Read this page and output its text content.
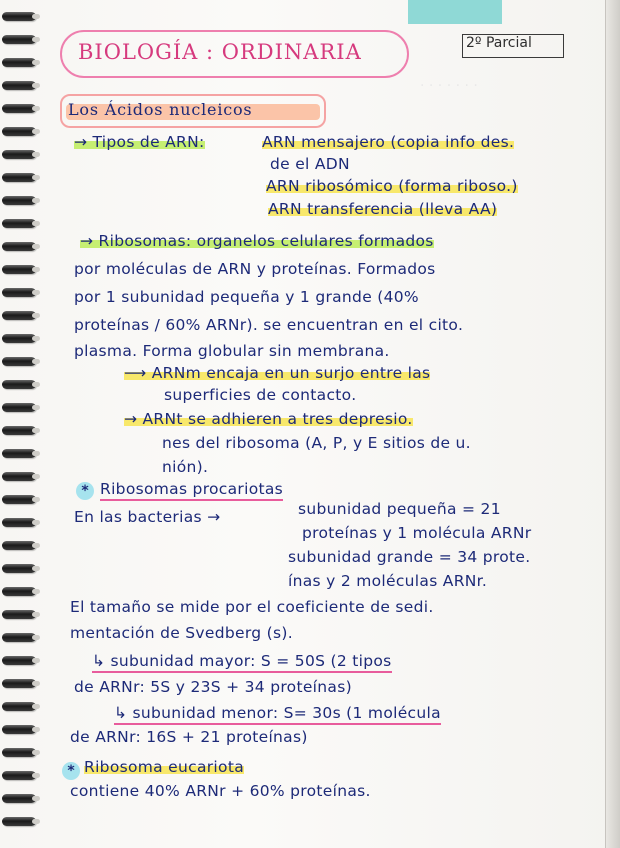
· · · · · · ·
BIOLOGÍA : ORDINARIA	2º Parcial
Los Ácidos nucleicos
→ Tipos de ARN:	ARN mensajero (copia info des.
de el ADN
ARN ribosómico (forma riboso.)
ARN transferencia (lleva AA)
→ Ribosomas: organelos celulares formados
por moléculas de ARN y proteínas. Formados
por 1 subunidad pequeña y 1 grande (40%
proteínas / 60% ARNr). se encuentran en el cito.
plasma. Forma globular sin membrana.
⟶ ARNm encaja en un surjo entre las
superficies de contacto.
→ ARNt se adhieren a tres depresio.
nes del ribosoma (A, P, y E sitios de u.
nión).
* Ribosomas procariotas
En las bacterias →	subunidad pequeña = 21
proteínas y 1 molécula ARNr
subunidad grande = 34 prote.
ínas y 2 moléculas ARNr.
El tamaño se mide por el coeficiente de sedi.
mentación de Svedberg (s).
↳ subunidad mayor: S = 50S (2 tipos
de ARNr: 5S y 23S + 34 proteínas)
↳ subunidad menor: S= 30s (1 molécula
de ARNr: 16S + 21 proteínas)
* Ribosoma eucariota
contiene 40% ARNr + 60% proteínas.
